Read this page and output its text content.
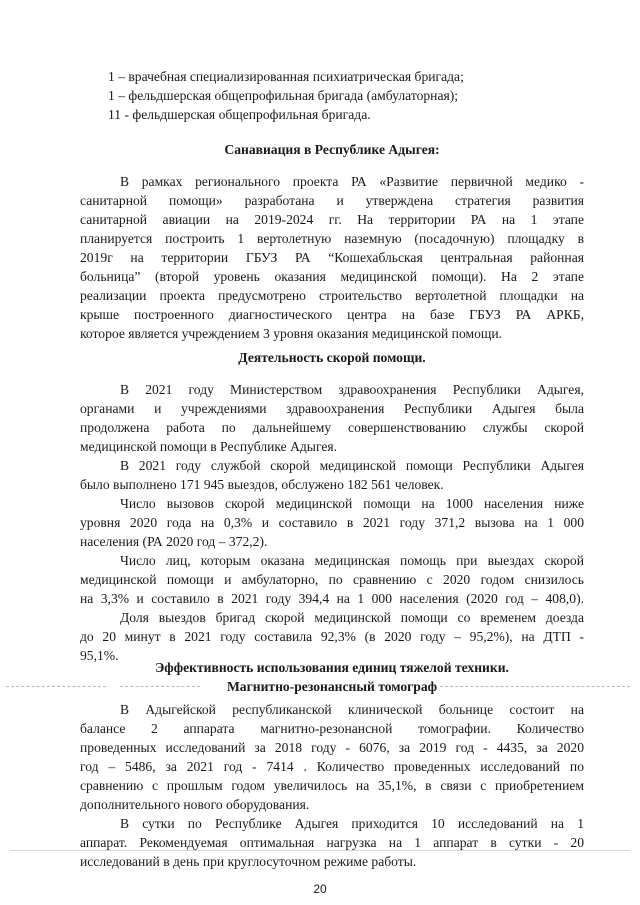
1 – врачебная специализированная психиатрическая бригада;
1 – фельдшерская общепрофильная бригада (амбулаторная);
11 - фельдшерская общепрофильная бригада.
Санавиация в Республике Адыгея:
В рамках регионального проекта РА «Развитие первичной медико -
санитарной помощи» разработана и утверждена стратегия развития
санитарной авиации на 2019-2024 гг. На территории РА на 1 этапе
планируется построить 1 вертолетную наземную (посадочную) площадку в
2019г на территории ГБУЗ РА “Кошехабльская центральная районная
больница” (второй уровень оказания медицинской помощи). На 2 этапе
реализации проекта предусмотрено строительство вертолетной площадки на
крыше построенного диагностического центра на базе ГБУЗ РА АРКБ,
которое является учреждением 3 уровня оказания медицинской помощи.
Деятельность скорой помощи.
В 2021 году Министерством здравоохранения Республики Адыгея,
органами и учреждениями здравоохранения Республики Адыгея была
продолжена работа по дальнейшему совершенствованию службы скорой
медицинской помощи в Республике Адыгея.
В 2021 году службой скорой медицинской помощи Республики Адыгея
было выполнено 171 945 выездов, обслужено 182 561 человек.
Число вызовов скорой медицинской помощи на 1000 населения ниже
уровня 2020 года на 0,3% и составило в 2021 году 371,2 вызова на 1 000
населения (РА 2020 год – 372,2).
Число лиц, которым оказана медицинская помощь при выездах скорой
медицинской помощи и амбулаторно, по сравнению с 2020 годом снизилось
на 3,3% и составило в 2021 году 394,4 на 1 000 населения (2020 год – 408,0).
Доля выездов бригад скорой медицинской помощи со временем доезда
до 20 минут в 2021 году составила 92,3% (в 2020 году – 95,2%), на ДТП -
95,1%.
Эффективность использования единиц тяжелой техники.
Магнитно-резонансный томограф
В Адыгейской республиканской клинической больнице состоит на
балансе 2 аппарата магнитно-резонансной томографии. Количество
проведенных исследований за 2018 году - 6076, за 2019 год - 4435, за 2020
год – 5486, за 2021 год - 7414 . Количество проведенных исследований по
сравнению с прошлым годом увеличилось на 35,1%, в связи с приобретением
дополнительного нового оборудования.
В сутки по Республике Адыгея приходится 10 исследований на 1
аппарат. Рекомендуемая оптимальная нагрузка на 1 аппарат в сутки - 20
исследований в день при круглосуточном режиме работы.
20
